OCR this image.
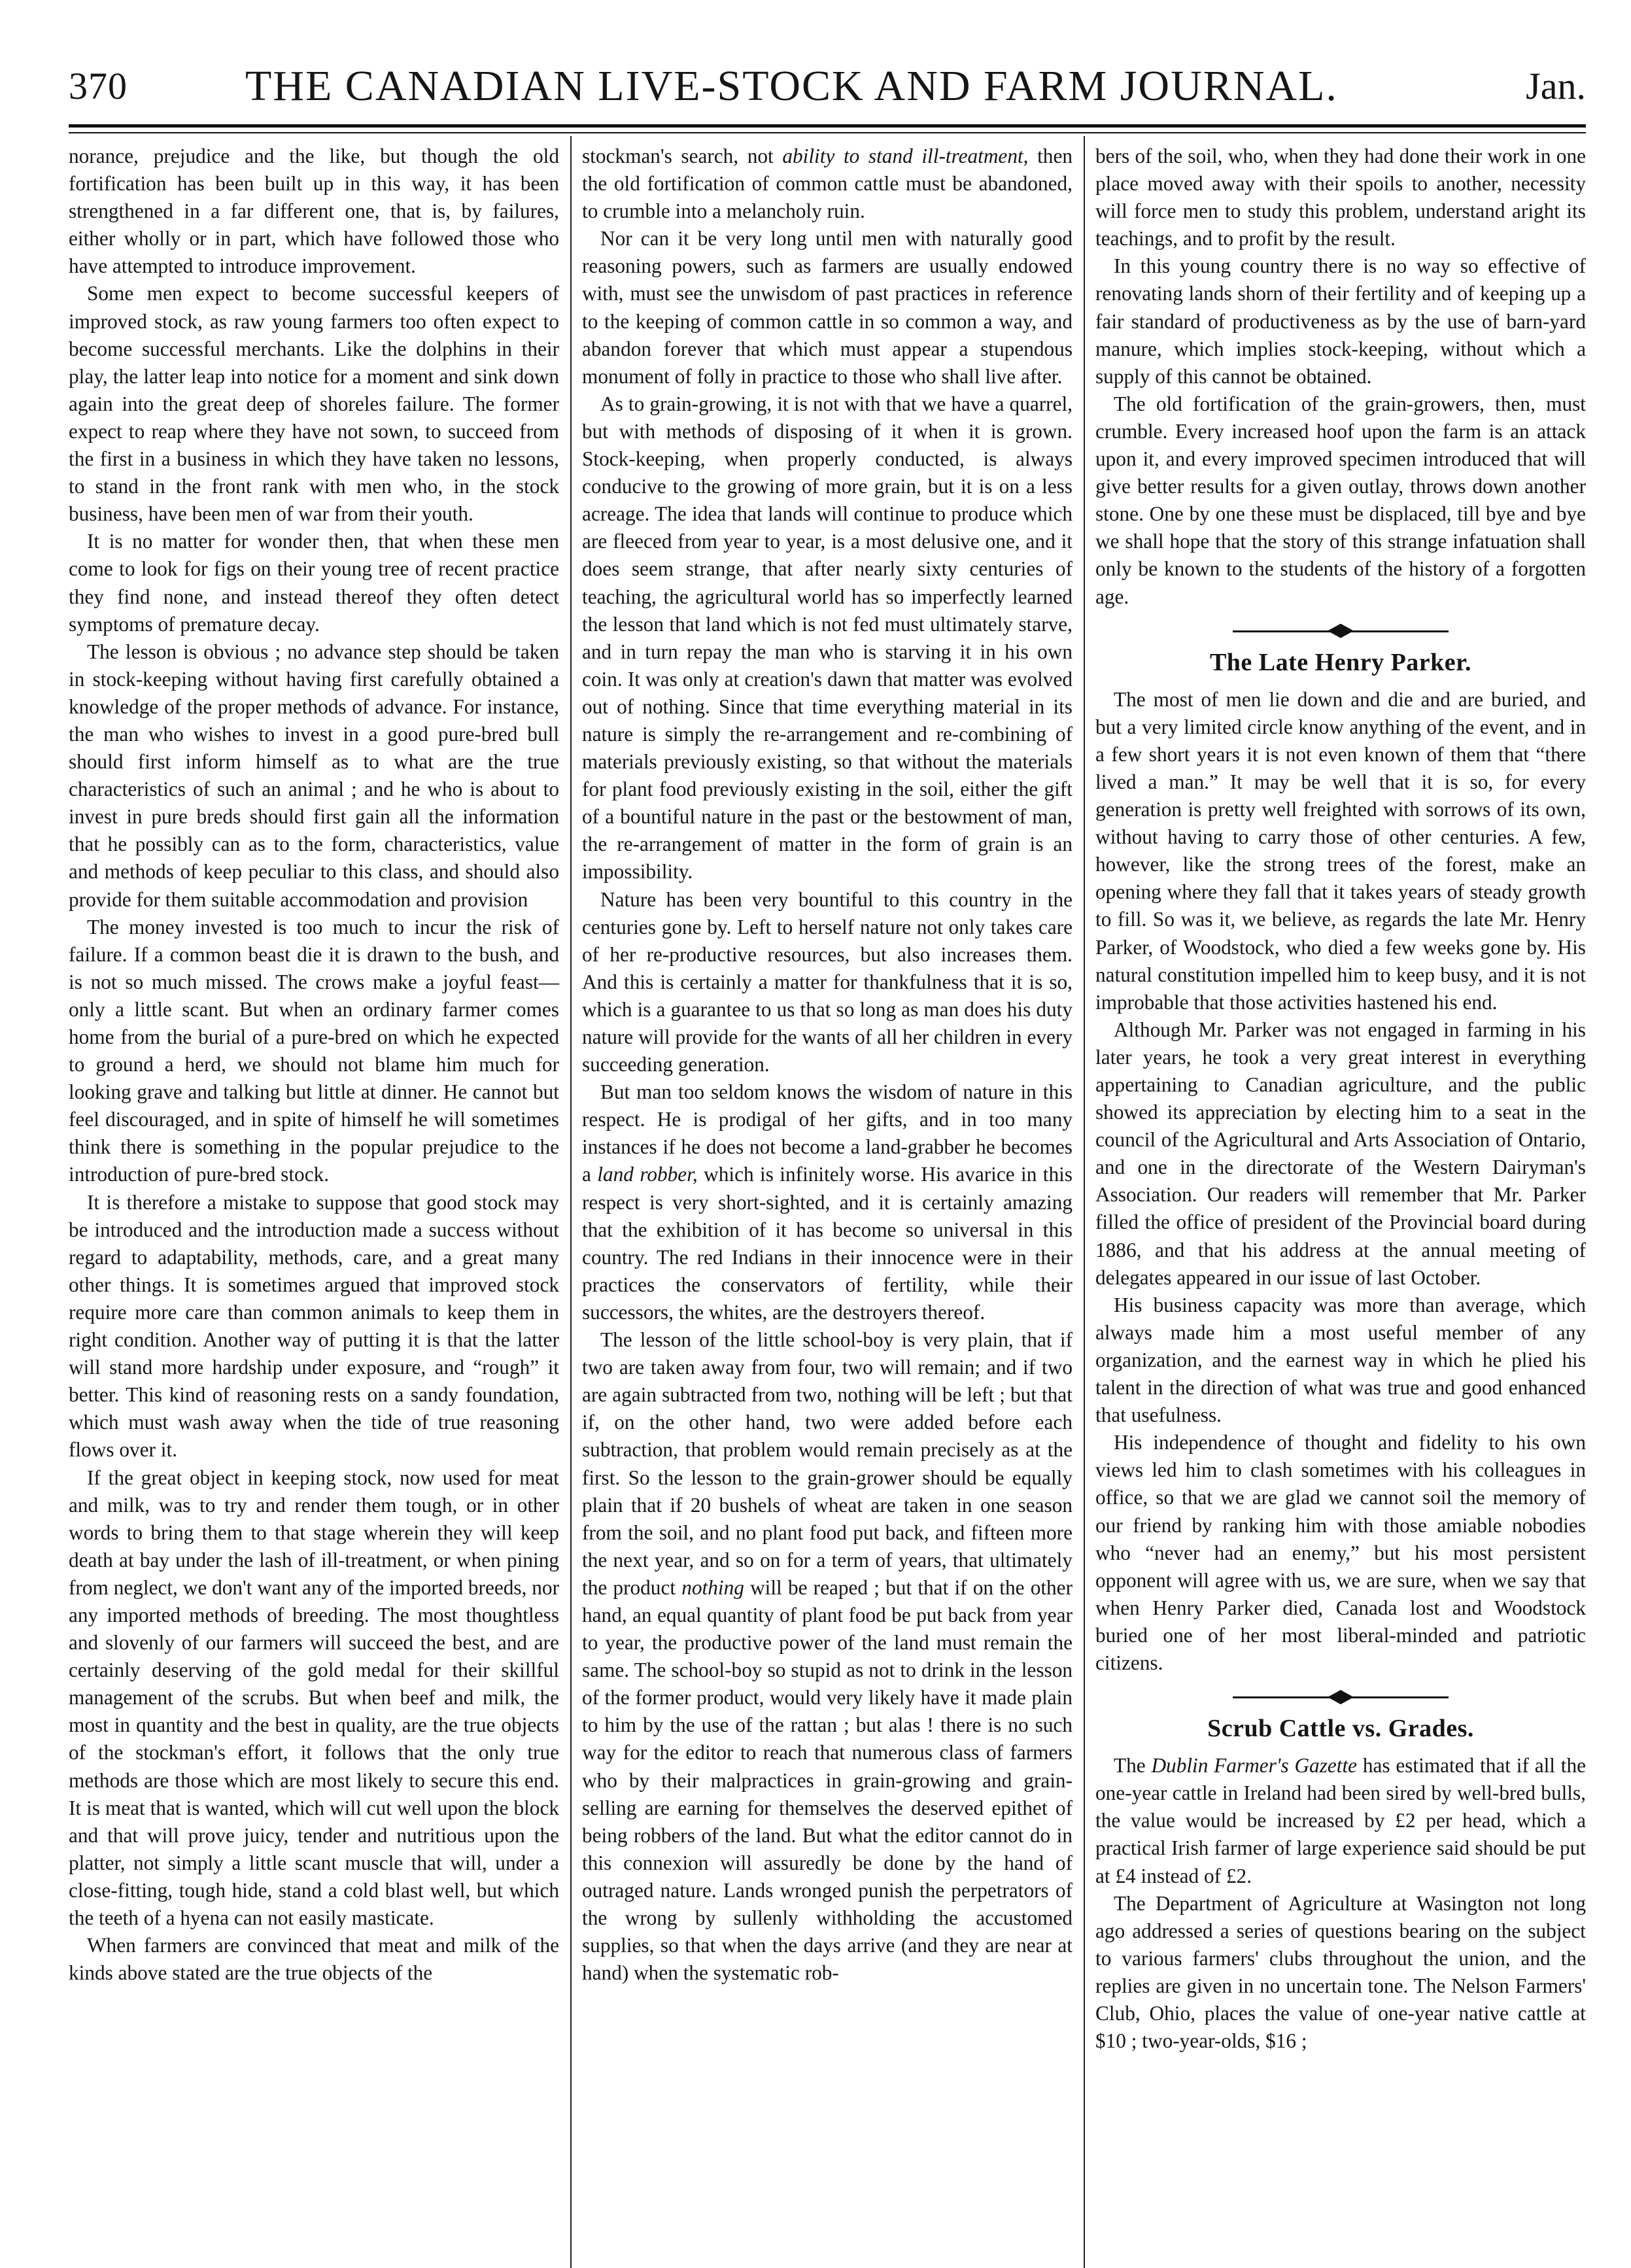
370	THE CANADIAN LIVE-STOCK AND FARM JOURNAL.	Jan.

norance, prejudice and the like, but though the old fortification has been built up in this way, it has been strengthened in a far different one, that is, by failures, either wholly or in part, which have followed those who have attempted to introduce improvement.

Some men expect to become successful keepers of improved stock, as raw young farmers too often expect to become successful merchants. Like the dolphins in their play, the latter leap into notice for a moment and sink down again into the great deep of shoreles failure. The former expect to reap where they have not sown, to succeed from the first in a business in which they have taken no lessons, to stand in the front rank with men who, in the stock business, have been men of war from their youth.

It is no matter for wonder then, that when these men come to look for figs on their young tree of recent practice they find none, and instead thereof they often detect symptoms of premature decay.

The lesson is obvious ; no advance step should be taken in stock-keeping without having first carefully obtained a knowledge of the proper methods of advance. For instance, the man who wishes to invest in a good pure-bred bull should first inform himself as to what are the true characteristics of such an animal ; and he who is about to invest in pure breds should first gain all the information that he possibly can as to the form, characteristics, value and methods of keep peculiar to this class, and should also provide for them suitable accommodation and provision

The money invested is too much to incur the risk of failure. If a common beast die it is drawn to the bush, and is not so much missed. The crows make a joyful feast—only a little scant. But when an ordinary farmer comes home from the burial of a pure-bred on which he expected to ground a herd, we should not blame him much for looking grave and talking but little at dinner. He cannot but feel discouraged, and in spite of himself he will sometimes think there is something in the popular prejudice to the introduction of pure-bred stock.

It is therefore a mistake to suppose that good stock may be introduced and the introduction made a success without regard to adaptability, methods, care, and a great many other things. It is sometimes argued that improved stock require more care than common animals to keep them in right condition. Another way of putting it is that the latter will stand more hardship under exposure, and “rough” it better. This kind of reasoning rests on a sandy foundation, which must wash away when the tide of true reasoning flows over it.

If the great object in keeping stock, now used for meat and milk, was to try and render them tough, or in other words to bring them to that stage wherein they will keep death at bay under the lash of ill-treatment, or when pining from neglect, we don't want any of the imported breeds, nor any imported methods of breeding. The most thoughtless and slovenly of our farmers will succeed the best, and are certainly deserving of the gold medal for their skillful management of the scrubs. But when beef and milk, the most in quantity and the best in quality, are the true objects of the stockman's effort, it follows that the only true methods are those which are most likely to secure this end. It is meat that is wanted, which will cut well upon the block and that will prove juicy, tender and nutritious upon the platter, not simply a little scant muscle that will, under a close-fitting, tough hide, stand a cold blast well, but which the teeth of a hyena can not easily masticate.

When farmers are convinced that meat and milk of the kinds above stated are the true objects of the

stockman's search, not ability to stand ill-treatment, then the old fortification of common cattle must be abandoned, to crumble into a melancholy ruin.

Nor can it be very long until men with naturally good reasoning powers, such as farmers are usually endowed with, must see the unwisdom of past practices in reference to the keeping of common cattle in so common a way, and abandon forever that which must appear a stupendous monument of folly in practice to those who shall live after.

As to grain-growing, it is not with that we have a quarrel, but with methods of disposing of it when it is grown. Stock-keeping, when properly conducted, is always conducive to the growing of more grain, but it is on a less acreage. The idea that lands will continue to produce which are fleeced from year to year, is a most delusive one, and it does seem strange, that after nearly sixty centuries of teaching, the agricultural world has so imperfectly learned the lesson that land which is not fed must ultimately starve, and in turn repay the man who is starving it in his own coin. It was only at creation's dawn that matter was evolved out of nothing. Since that time everything material in its nature is simply the re-arrangement and re-combining of materials previously existing, so that without the materials for plant food previously existing in the soil, either the gift of a bountiful nature in the past or the bestowment of man, the re-arrangement of matter in the form of grain is an impossibility.

Nature has been very bountiful to this country in the centuries gone by. Left to herself nature not only takes care of her re-productive resources, but also increases them. And this is certainly a matter for thankfulness that it is so, which is a guarantee to us that so long as man does his duty nature will provide for the wants of all her children in every succeeding generation.

But man too seldom knows the wisdom of nature in this respect. He is prodigal of her gifts, and in too many instances if he does not become a land-grabber he becomes a land robber, which is infinitely worse. His avarice in this respect is very short-sighted, and it is certainly amazing that the exhibition of it has become so universal in this country. The red Indians in their innocence were in their practices the conservators of fertility, while their successors, the whites, are the destroyers thereof.

The lesson of the little school-boy is very plain, that if two are taken away from four, two will remain; and if two are again subtracted from two, nothing will be left ; but that if, on the other hand, two were added before each subtraction, that problem would remain precisely as at the first. So the lesson to the grain-grower should be equally plain that if 20 bushels of wheat are taken in one season from the soil, and no plant food put back, and fifteen more the next year, and so on for a term of years, that ultimately the product nothing will be reaped ; but that if on the other hand, an equal quantity of plant food be put back from year to year, the productive power of the land must remain the same. The school-boy so stupid as not to drink in the lesson of the former product, would very likely have it made plain to him by the use of the rattan ; but alas ! there is no such way for the editor to reach that numerous class of farmers who by their malpractices in grain-growing and grain-selling are earning for themselves the deserved epithet of being robbers of the land. But what the editor cannot do in this connexion will assuredly be done by the hand of outraged nature. Lands wronged punish the perpetrators of the wrong by sullenly withholding the accustomed supplies, so that when the days arrive (and they are near at hand) when the systematic rob-

bers of the soil, who, when they had done their work in one place moved away with their spoils to another, necessity will force men to study this problem, understand aright its teachings, and to profit by the result.

In this young country there is no way so effective of renovating lands shorn of their fertility and of keeping up a fair standard of productiveness as by the use of barn-yard manure, which implies stock-keeping, without which a supply of this cannot be obtained.

The old fortification of the grain-growers, then, must crumble. Every increased hoof upon the farm is an attack upon it, and every improved specimen introduced that will give better results for a given outlay, throws down another stone. One by one these must be displaced, till bye and bye we shall hope that the story of this strange infatuation shall only be known to the students of the history of a forgotten age.

The Late Henry Parker.

The most of men lie down and die and are buried, and but a very limited circle know anything of the event, and in a few short years it is not even known of them that “there lived a man.” It may be well that it is so, for every generation is pretty well freighted with sorrows of its own, without having to carry those of other centuries. A few, however, like the strong trees of the forest, make an opening where they fall that it takes years of steady growth to fill. So was it, we believe, as regards the late Mr. Henry Parker, of Woodstock, who died a few weeks gone by. His natural constitution impelled him to keep busy, and it is not improbable that those activities hastened his end.

Although Mr. Parker was not engaged in farming in his later years, he took a very great interest in everything appertaining to Canadian agriculture, and the public showed its appreciation by electing him to a seat in the council of the Agricultural and Arts Association of Ontario, and one in the directorate of the Western Dairyman's Association. Our readers will remember that Mr. Parker filled the office of president of the Provincial board during 1886, and that his address at the annual meeting of delegates appeared in our issue of last October.

His business capacity was more than average, which always made him a most useful member of any organization, and the earnest way in which he plied his talent in the direction of what was true and good enhanced that usefulness.

His independence of thought and fidelity to his own views led him to clash sometimes with his colleagues in office, so that we are glad we cannot soil the memory of our friend by ranking him with those amiable nobodies who “never had an enemy,” but his most persistent opponent will agree with us, we are sure, when we say that when Henry Parker died, Canada lost and Woodstock buried one of her most liberal-minded and patriotic citizens.

Scrub Cattle vs. Grades.

The Dublin Farmer's Gazette has estimated that if all the one-year cattle in Ireland had been sired by well-bred bulls, the value would be increased by £2 per head, which a practical Irish farmer of large experience said should be put at £4 instead of £2.

The Department of Agriculture at Wasington not long ago addressed a series of questions bearing on the subject to various farmers' clubs throughout the union, and the replies are given in no uncertain tone. The Nelson Farmers' Club, Ohio, places the value of one-year native cattle at $10 ; two-year-olds, $16 ;
